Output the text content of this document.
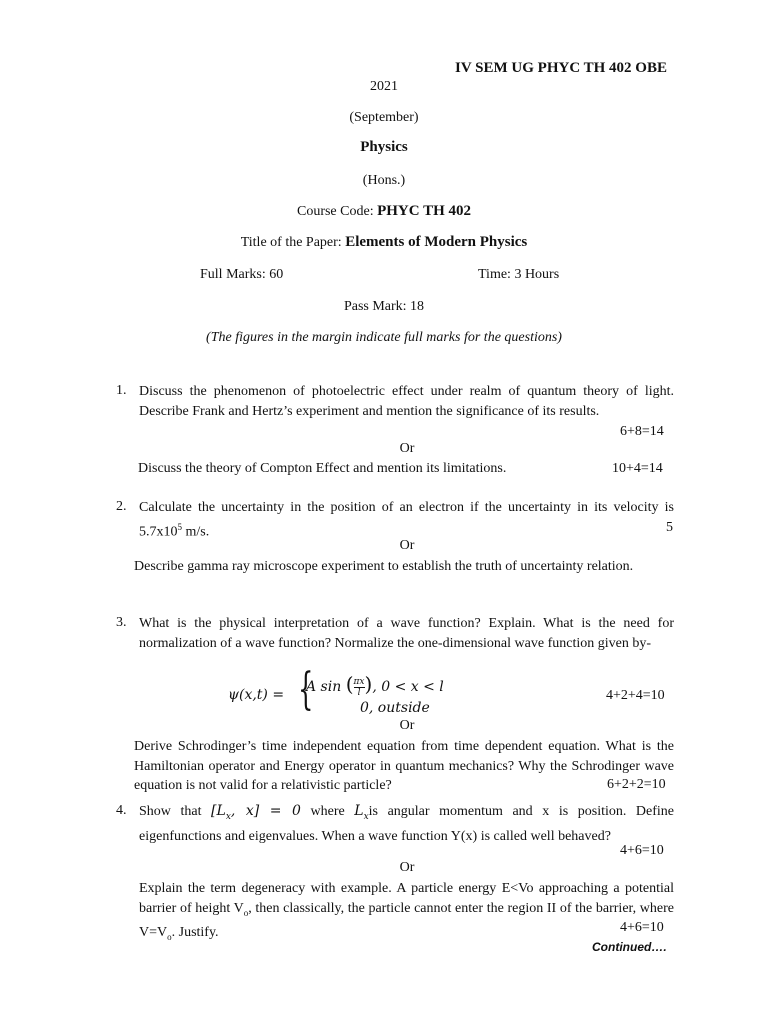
IV SEM UG PHYC TH 402 OBE
2021
(September)
Physics
(Hons.)
Course Code: PHYC TH 402
Title of the Paper: Elements of Modern Physics
Full Marks: 60	Time: 3 Hours
Pass Mark: 18
(The figures in the margin indicate full marks for the questions)
1. Discuss the phenomenon of photoelectric effect under realm of quantum theory of light. Describe Frank and Hertz’s experiment and mention the significance of its results.
6+8=14
Or
Discuss the theory of Compton Effect and mention its limitations.	10+4=14
2. Calculate the uncertainty in the position of an electron if the uncertainty in its velocity is $5.7x10^5$ m/s.	5
Or
Describe gamma ray microscope experiment to establish the truth of uncertainty relation.
3. What is the physical interpretation of a wave function? Explain. What is the need for normalization of a wave function? Normalize the one-dimensional wave function given by-
ψ(x,t) = {
A sin ( $\frac{\pi x}{l}$ ), 0 < x < l
0, outside
4+2+4=10
Or
Derive Schrodinger’s time independent equation from time dependent equation. What is the Hamiltonian operator and Energy operator in quantum mechanics? Why the Schrodinger wave equation is not valid for a relativistic particle?	6+2+2=10
4. Show that [$L_x$, x] = 0 where $L_xis$ angular momentum and x is position. Define eigenfunctions and eigenvalues. When a wave function Y(x) is called well behaved?
4+6=10
Or
Explain the term degeneracy with example. A particle energy E<Vo approaching a potential barrier of height $V_o$, then classically, the particle cannot enter the region II of the barrier, where $V=V_o$. Justify.	4+6=10
Continued….
